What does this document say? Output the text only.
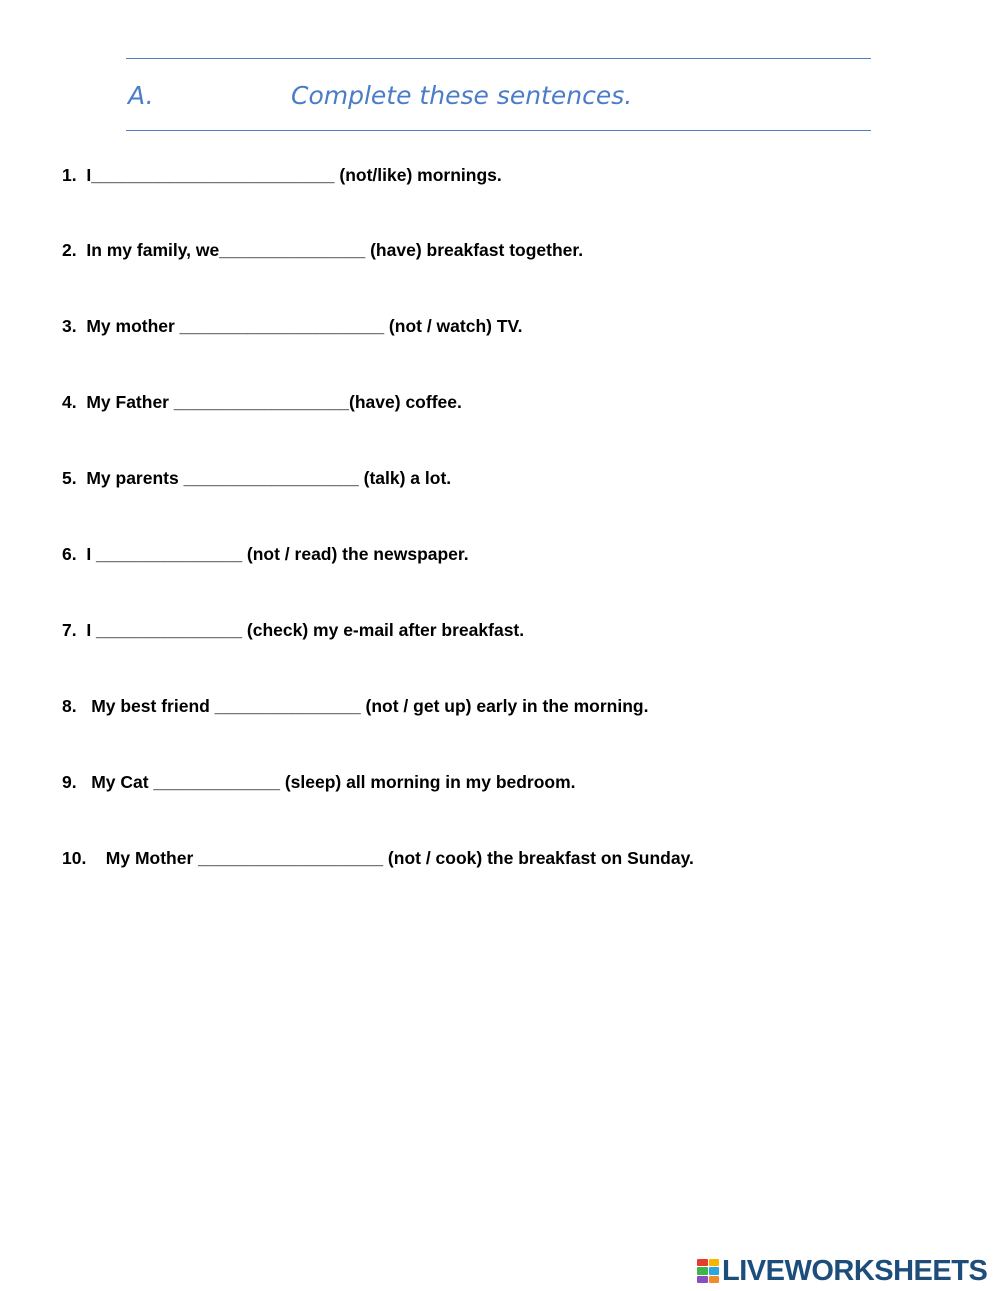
A.	Complete these sentences.
1.  I_________________________ (not/like) mornings.
2.  In my family, we_______________ (have) breakfast together.
3.  My mother _____________________ (not / watch) TV.
4.  My Father __________________(have) coffee.
5.  My parents __________________ (talk) a lot.
6.  I _______________ (not / read) the newspaper.
7.  I _______________ (check) my e-mail after breakfast.
8.   My best friend _______________ (not / get up) early in the morning.
9.   My Cat _____________ (sleep) all morning in my bedroom.
10.    My Mother ___________________ (not / cook) the breakfast on Sunday.
LIVEWORKSHEETS
